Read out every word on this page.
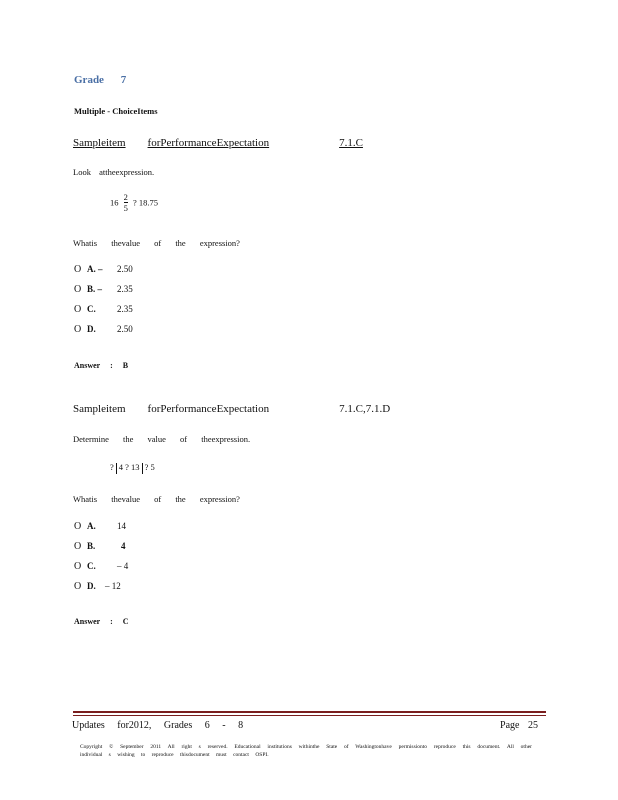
Grade 7
Multiple - ChoiceItems
Sampleitem forPerformanceExpectation	7.1.C
Look attheexpression.
$16 \frac{2}{5}$ ? 18.75
Whatis thevalue of the expression?
O A. – 2.50
O B. – 2.35
O C. 2.35
O D. 2.50
Answer : B
Sampleitem forPerformanceExpectation	7.1.C,7.1.D
Determine the value of theexpression.
? 4 ? 13 ? 5
Whatis thevalue of the expression?
O A. 14
O B.	4
O C. – 4
O D. – 12
Answer : C
Updates for2012, Grades 6 - 8	Page 25
Copyright © September 2011 All right s reserved. Educational institutions withinthe State of Washingtonhave permissionto reproduce this document. All other individual s wishing to reproduce thisdocument must contact OSPI.
